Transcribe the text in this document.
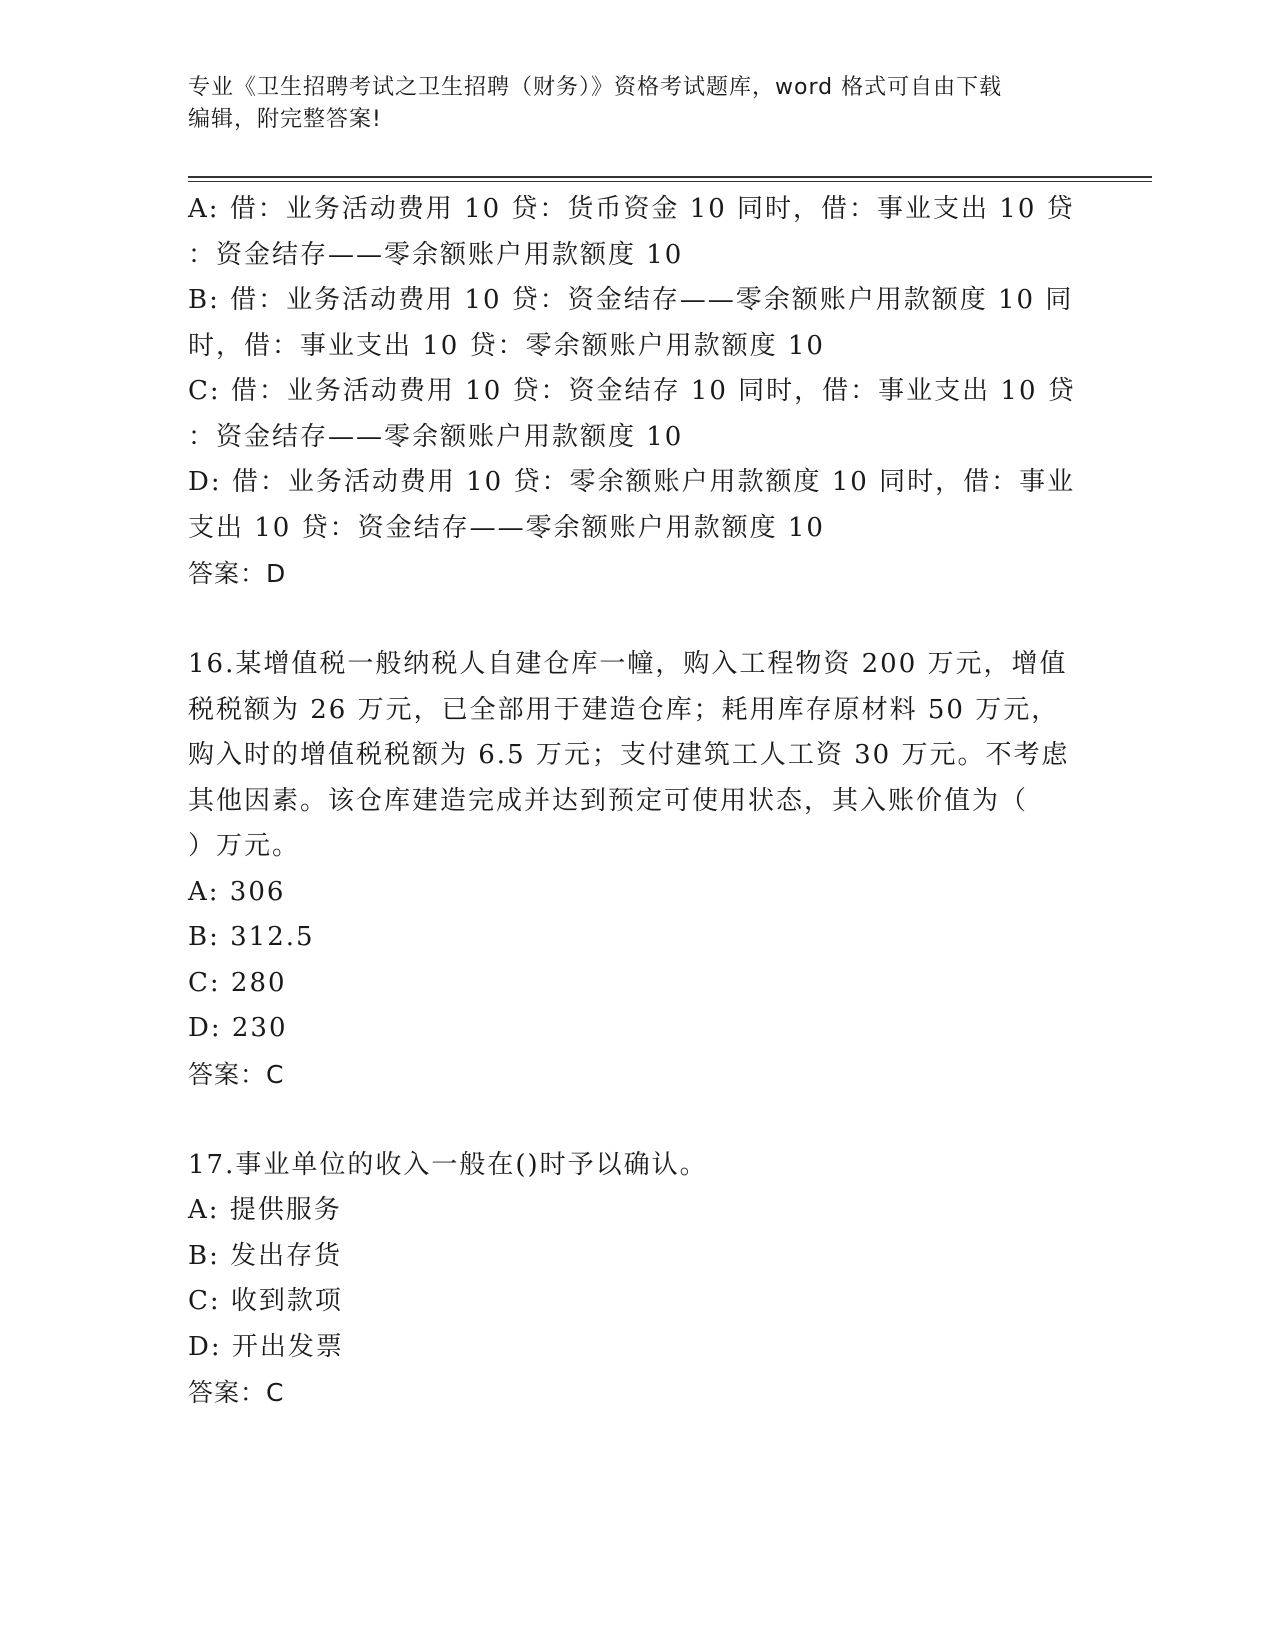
专业《卫生招聘考试之卫生招聘（财务）》资格考试题库，word 格式可自由下载
编辑，附完整答案!
A: 借：业务活动费用 10 贷：货币资金 10 同时，借：事业支出 10 贷
：资金结存——零余额账户用款额度 10
B: 借：业务活动费用 10 贷：资金结存——零余额账户用款额度 10 同
时，借：事业支出 10 贷：零余额账户用款额度 10
C: 借：业务活动费用 10 贷：资金结存 10 同时，借：事业支出 10 贷
：资金结存——零余额账户用款额度 10
D: 借：业务活动费用 10 贷：零余额账户用款额度 10 同时，借：事业
支出 10 贷：资金结存——零余额账户用款额度 10
答案：D
16.某增值税一般纳税人自建仓库一幢，购入工程物资 200 万元，增值
税税额为 26 万元，已全部用于建造仓库；耗用库存原材料 50 万元，
购入时的增值税税额为 6.5 万元；支付建筑工人工资 30 万元。不考虑
其他因素。该仓库建造完成并达到预定可使用状态，其入账价值为（
）万元。
A: 306
B: 312.5
C: 280
D: 230
答案：C
17.事业单位的收入一般在()时予以确认。
A: 提供服务
B: 发出存货
C: 收到款项
D: 开出发票
答案：C
